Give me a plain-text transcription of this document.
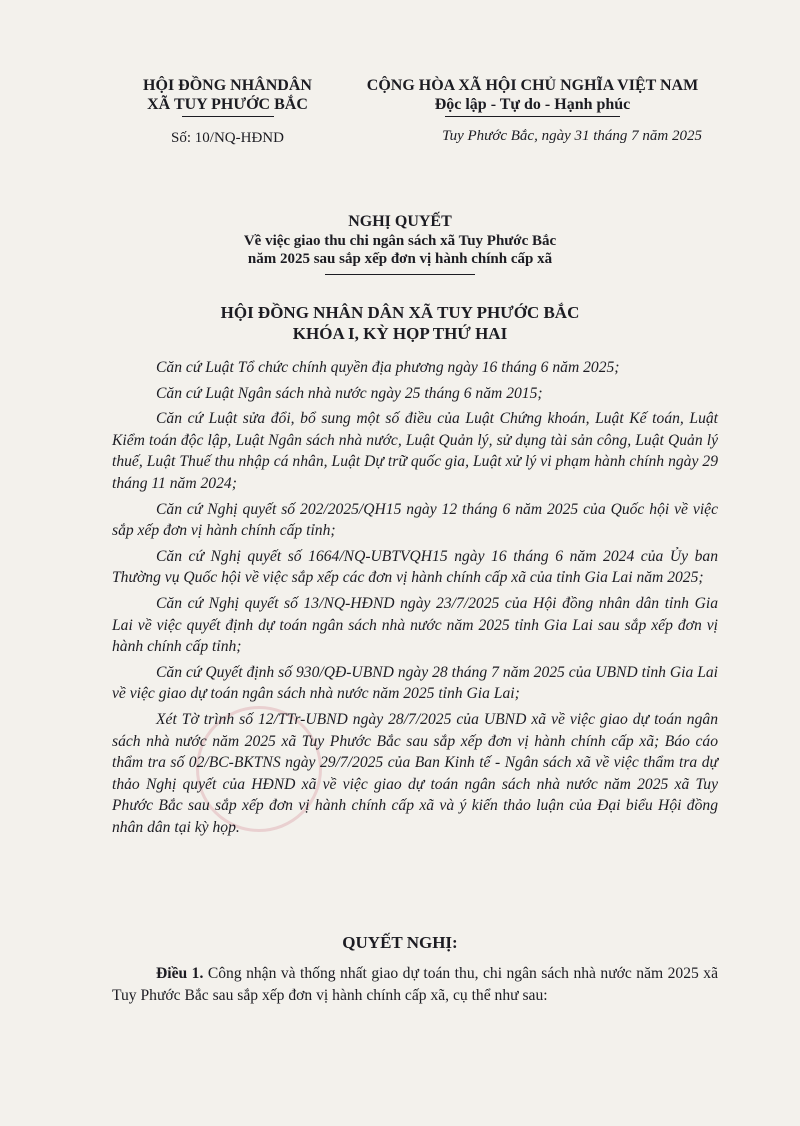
HỘI ĐỒNG NHÂNDÂN
XÃ TUY PHƯỚC BẮC
Số: 10/NQ-HĐND
CỘNG HÒA XÃ HỘI CHỦ NGHĨA VIỆT NAM
Độc lập - Tự do - Hạnh phúc
Tuy Phước Bắc, ngày 31 tháng 7 năm 2025
NGHỊ QUYẾT
Về việc giao thu chi ngân sách xã Tuy Phước Bắc
năm 2025 sau sắp xếp đơn vị hành chính cấp xã
HỘI ĐỒNG NHÂN DÂN XÃ TUY PHƯỚC BẮC
KHÓA I, KỲ HỌP THỨ HAI

Căn cứ Luật Tổ chức chính quyền địa phương ngày 16 tháng 6 năm 2025;

Căn cứ Luật Ngân sách nhà nước ngày 25 tháng 6 năm 2015;

Căn cứ Luật sửa đổi, bổ sung một số điều của Luật Chứng khoán, Luật Kế toán, Luật Kiểm toán độc lập, Luật Ngân sách nhà nước, Luật Quản lý, sử dụng tài sản công, Luật Quản lý thuế, Luật Thuế thu nhập cá nhân, Luật Dự trữ quốc gia, Luật xử lý vi phạm hành chính ngày 29 tháng 11 năm 2024;

Căn cứ Nghị quyết số 202/2025/QH15 ngày 12 tháng 6 năm 2025 của Quốc hội về việc sắp xếp đơn vị hành chính cấp tỉnh;

Căn cứ Nghị quyết số 1664/NQ-UBTVQH15 ngày 16 tháng 6 năm 2024 của Ủy ban Thường vụ Quốc hội về việc sắp xếp các đơn vị hành chính cấp xã của tỉnh Gia Lai năm 2025;

Căn cứ Nghị quyết số 13/NQ-HĐND ngày 23/7/2025 của Hội đồng nhân dân tỉnh Gia Lai về việc quyết định dự toán ngân sách nhà nước năm 2025 tỉnh Gia Lai sau sắp xếp đơn vị hành chính cấp tỉnh;

Căn cứ Quyết định số 930/QĐ-UBND ngày 28 tháng 7 năm 2025 của UBND tỉnh Gia Lai về việc giao dự toán ngân sách nhà nước năm 2025 tỉnh Gia Lai;

Xét Tờ trình số 12/TTr-UBND ngày 28/7/2025 của UBND xã về việc giao dự toán ngân sách nhà nước năm 2025 xã Tuy Phước Bắc sau sắp xếp đơn vị hành chính cấp xã; Báo cáo thẩm tra số 02/BC-BKTNS ngày 29/7/2025 của Ban Kinh tế - Ngân sách xã về việc thẩm tra dự thảo Nghị quyết của HĐND xã về việc giao dự toán ngân sách nhà nước năm 2025 xã Tuy Phước Bắc sau sắp xếp đơn vị hành chính cấp xã và ý kiến thảo luận của Đại biểu Hội đồng nhân dân tại kỳ họp.

QUYẾT NGHỊ:

Điều 1. Công nhận và thống nhất giao dự toán thu, chi ngân sách nhà nước năm 2025 xã Tuy Phước Bắc sau sắp xếp đơn vị hành chính cấp xã, cụ thể như sau:
